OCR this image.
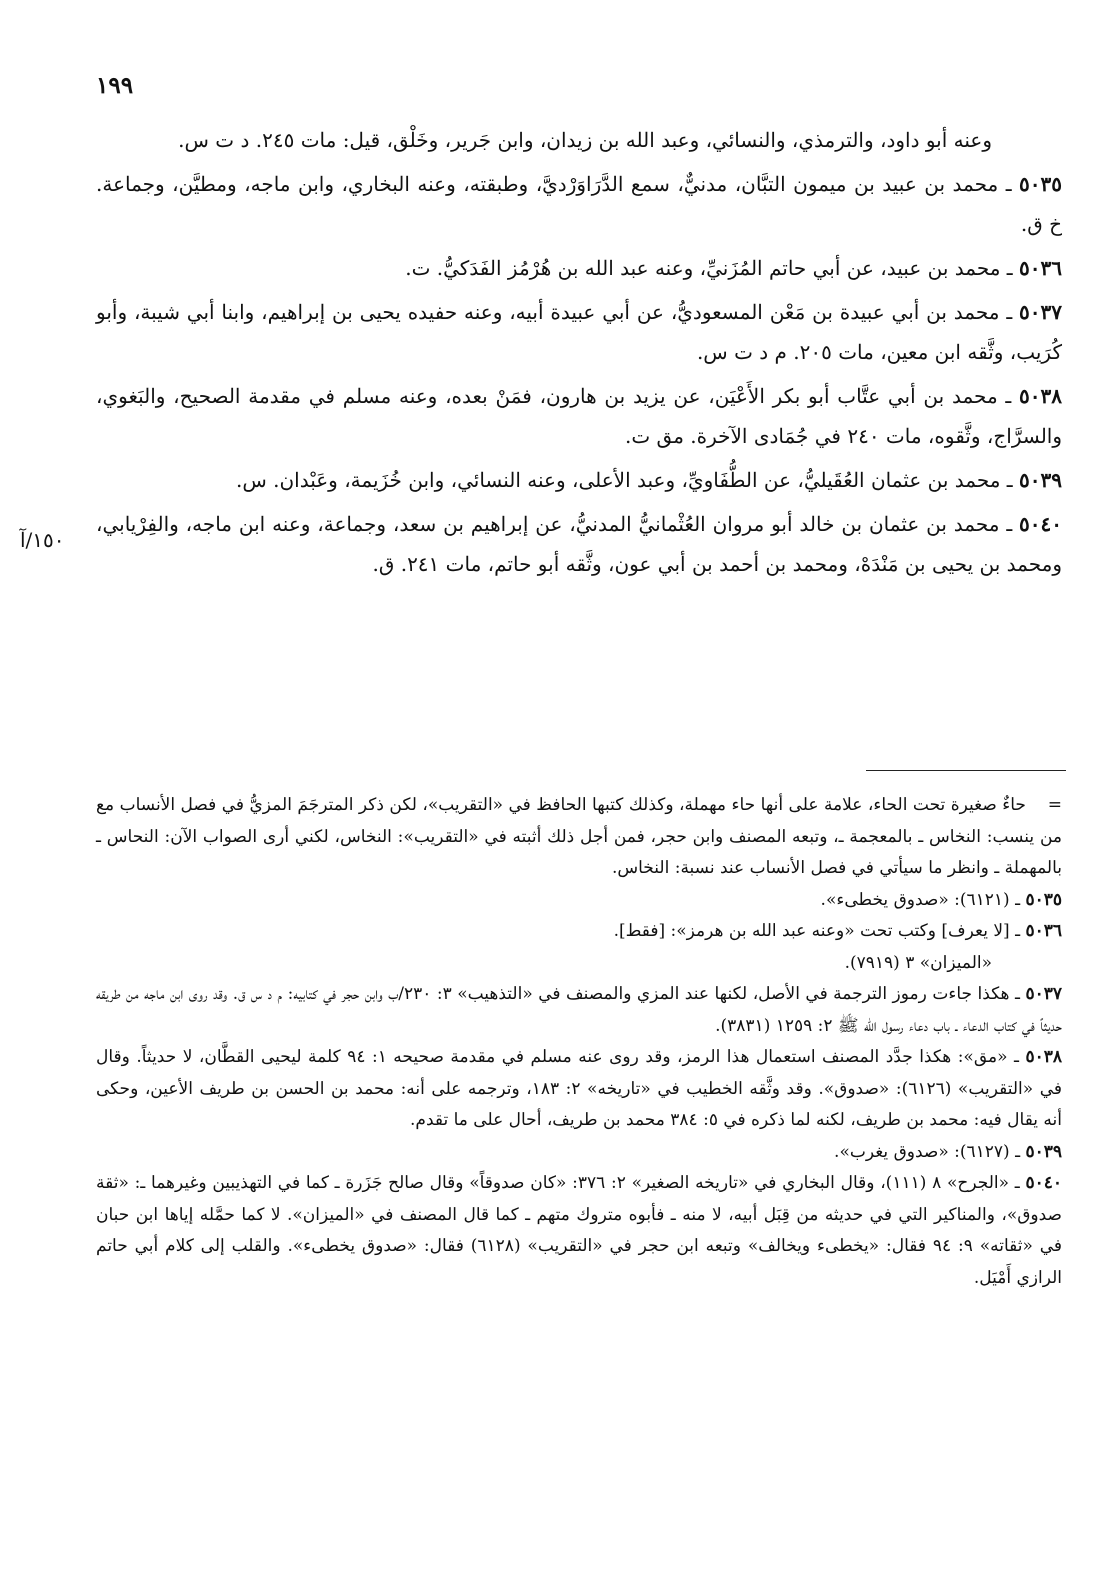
١٩٩

وعنه أبو داود، والترمذي، والنسائي، وعبد الله بن زيدان، وابن جَرير، وخَلْق، قيل: مات ٢٤٥. د ت س.

٥٠٣٥ ـ محمد بن عبيد بن ميمون التبَّان، مدنيٌّ، سمع الدَّرَاوَرْديَّ، وطبقته، وعنه البخاري، وابن ماجه، ومطيَّن، وجماعة. خ ق.

٥٠٣٦ ـ محمد بن عبيد، عن أبي حاتم المُزَنيِّ، وعنه عبد الله بن هُرْمُز الفَدَكيُّ. ت.

٥٠٣٧ ـ محمد بن أبي عبيدة بن مَعْن المسعوديُّ، عن أبي عبيدة أبيه، وعنه حفيده يحيى بن إبراهيم، وابنا أبي شيبة، وأبو كُرَيب، وثَّقه ابن معين، مات ٢٠٥. م د ت س.

٥٠٣٨ ـ محمد بن أبي عتَّاب أبو بكر الأَعْيَن، عن يزيد بن هارون، فمَنْ بعده، وعنه مسلم في مقدمة الصحيح، والبَغوي، والسرَّاج، وثَّقوه، مات ٢٤٠ في جُمَادى الآخرة. مق ت.

٥٠٣٩ ـ محمد بن عثمان العُقَيليُّ، عن الطُّفَاويِّ، وعبد الأعلى، وعنه النسائي، وابن خُزَيمة، وعَبْدان. س.

٥٠٤٠ ـ محمد بن عثمان بن خالد أبو مروان العُثْمانيُّ المدنيُّ، عن إبراهيم بن سعد، وجماعة، وعنه ابن ماجه، والفِرْيابي، ومحمد بن يحيى بن مَنْدَهْ، ومحمد بن أحمد بن أبي عون، وثَّقه أبو حاتم، مات ٢٤١. ق.

١٥٠/آ

=    حاءٌ صغيرة تحت الحاء، علامة على أنها حاء مهملة، وكذلك كتبها الحافظ في «التقريب»، لكن ذكر المترجَمَ المزيُّ في فصل الأنساب مع من ينسب: النخاس ـ بالمعجمة ـ، وتبعه المصنف وابن حجر، فمن أجل ذلك أثبته في «التقريب»: النخاس، لكني أرى الصواب الآن: النحاس ـ بالمهملة ـ وانظر ما سيأتي في فصل الأنساب عند نسبة: النخاس.

٥٠٣٥ ـ (٦١٢١): «صدوق يخطىء».

٥٠٣٦ ـ [لا يعرف] وكتب تحت «وعنه عبد الله بن هرمز»: [فقط].
«الميزان» ٣ (٧٩١٩).

٥٠٣٧ ـ هكذا جاءت رموز الترجمة في الأصل، لكنها عند المزي والمصنف في «التذهيب» ٣: ٢٣٠/ب وابن حجر في كتابيه: م د س ق. وقد روى ابن ماجه من طريقه حديثاً في كتاب الدعاء ـ باب دعاء رسول الله ﷺ ٢: ١٢٥٩ (٣٨٣١).

٥٠٣٨ ـ «مق»: هكذا جدَّد المصنف استعمال هذا الرمز، وقد روى عنه مسلم في مقدمة صحيحه ١: ٩٤ كلمة ليحيى القطَّان، لا حديثاً. وقال في «التقريب» (٦١٢٦): «صدوق». وقد وثَّقه الخطيب في «تاريخه» ٢: ١٨٣، وترجمه على أنه: محمد بن الحسن بن طريف الأعين، وحكى أنه يقال فيه: محمد بن طريف، لكنه لما ذكره في ٥: ٣٨٤ محمد بن طريف، أحال على ما تقدم.

٥٠٣٩ ـ (٦١٢٧): «صدوق يغرب».

٥٠٤٠ ـ «الجرح» ٨ (١١١)، وقال البخاري في «تاريخه الصغير» ٢: ٣٧٦: «كان صدوقاً» وقال صالح جَزَرة ـ كما في التهذيبين وغيرهما ـ: «ثقة صدوق»، والمناكير التي في حديثه من قِبَل أبيه، لا منه ـ فأبوه متروك متهم ـ كما قال المصنف في «الميزان». لا كما حمَّله إياها ابن حبان في «ثقاته» ٩: ٩٤ فقال: «يخطىء ويخالف» وتبعه ابن حجر في «التقريب» (٦١٢٨) فقال: «صدوق يخطىء». والقلب إلى كلام أبي حاتم الرازي أَمْيَل.
